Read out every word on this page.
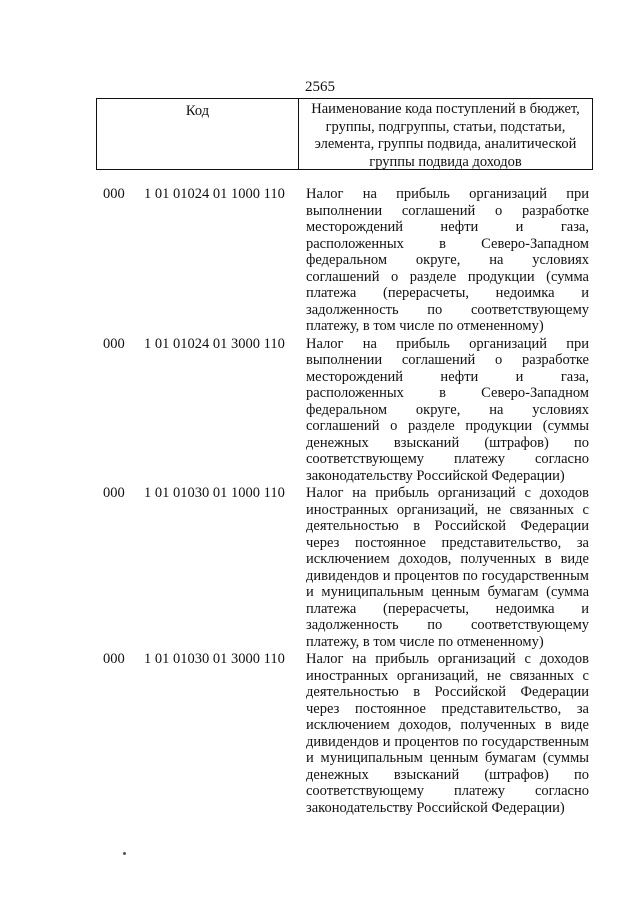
2565
Код	Наименование кода поступлений в бюджет, группы, подгруппы, статьи, подстатьи, элемента, группы подвида, аналитической группы подвида доходов
000	1 01 01024 01 1000 110	Налог на прибыль организаций при выполнении соглашений о разработке месторождений нефти и газа, расположенных в Северо-Западном федеральном округе, на условиях соглашений о разделе продукции (сумма платежа (перерасчеты, недоимка и задолженность по соответствующему платежу, в том числе по отмененному)
000	1 01 01024 01 3000 110	Налог на прибыль организаций при выполнении соглашений о разработке месторождений нефти и газа, расположенных в Северо-Западном федеральном округе, на условиях соглашений о разделе продукции (суммы денежных взысканий (штрафов) по соответствующему платежу согласно законодательству Российской Федерации)
000	1 01 01030 01 1000 110	Налог на прибыль организаций с доходов иностранных организаций, не связанных с деятельностью в Российской Федерации через постоянное представительство, за исключением доходов, полученных в виде дивидендов и процентов по государственным и муниципальным ценным бумагам (сумма платежа (перерасчеты, недоимка и задолженность по соответствующему платежу, в том числе по отмененному)
000	1 01 01030 01 3000 110	Налог на прибыль организаций с доходов иностранных организаций, не связанных с деятельностью в Российской Федерации через постоянное представительство, за исключением доходов, полученных в виде дивидендов и процентов по государственным и муниципальным ценным бумагам (суммы денежных взысканий (штрафов) по соответствующему платежу согласно законодательству Российской Федерации)
